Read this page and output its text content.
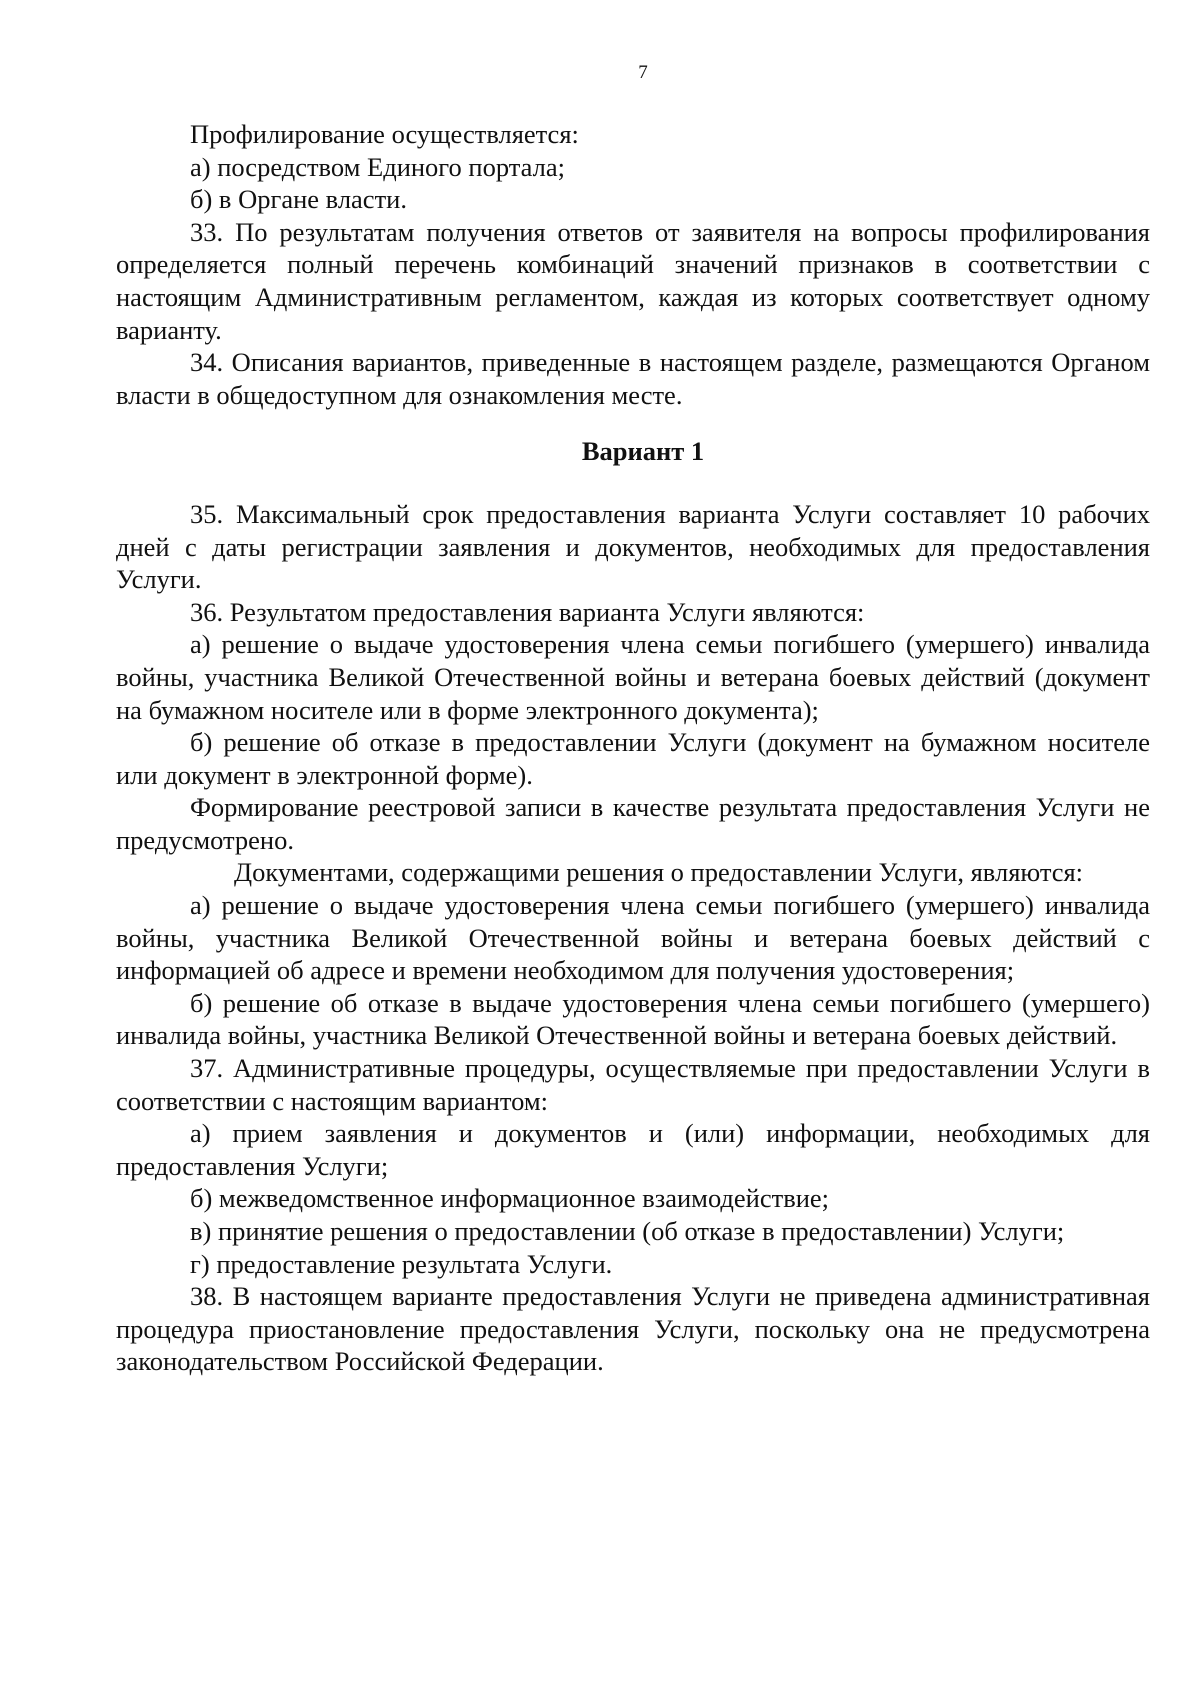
7

Профилирование осуществляется:

а) посредством Единого портала;

б) в Органе власти.

33. По результатам получения ответов от заявителя на вопросы профилирования определяется полный перечень комбинаций значений признаков в соответствии с настоящим Административным регламентом, каждая из которых соответствует одному варианту.

34. Описания вариантов, приведенные в настоящем разделе, размещаются Органом власти в общедоступном для ознакомления месте.

Вариант 1

35. Максимальный срок предоставления варианта Услуги составляет 10 рабочих дней с даты регистрации заявления и документов, необходимых для предоставления Услуги.

36. Результатом предоставления варианта Услуги являются:

а) решение о выдаче удостоверения члена семьи погибшего (умершего) инвалида войны, участника Великой Отечественной войны и ветерана боевых действий (документ на бумажном носителе или в форме электронного документа);

б) решение об отказе в предоставлении Услуги (документ на бумажном носителе или документ в электронной форме).

Формирование реестровой записи в качестве результата предоставления Услуги не предусмотрено.

Документами, содержащими решения о предоставлении Услуги, являются:

а) решение о выдаче удостоверения члена семьи погибшего (умершего) инвалида войны, участника Великой Отечественной войны и ветерана боевых действий с информацией об адресе и времени необходимом для получения удостоверения;

б) решение об отказе в выдаче удостоверения члена семьи погибшего (умершего) инвалида войны, участника Великой Отечественной войны и ветерана боевых действий.

37. Административные процедуры, осуществляемые при предоставлении Услуги в соответствии с настоящим вариантом:

а) прием заявления и документов и (или) информации, необходимых для предоставления Услуги;

б) межведомственное информационное взаимодействие;

в) принятие решения о предоставлении (об отказе в предоставлении) Услуги;

г) предоставление результата Услуги.

38. В настоящем варианте предоставления Услуги не приведена административная процедура приостановление предоставления Услуги, поскольку она не предусмотрена законодательством Российской Федерации.
